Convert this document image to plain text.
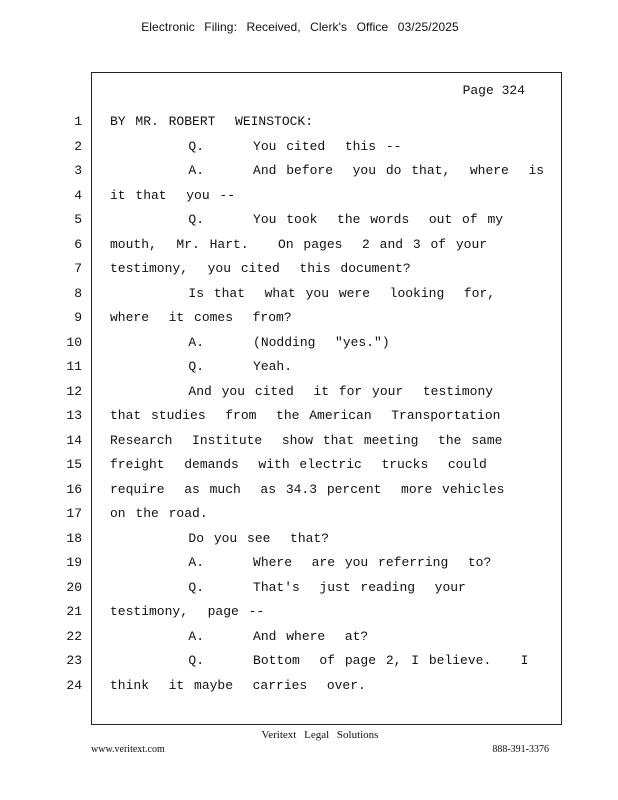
Electronic Filing: Received, Clerk's Office 03/25/2025
Page 324
1 BY MR. ROBERT  WEINSTOCK:
2 Q.     You cited  this --
3 A.     And before  you do that,  where  is
4 it that  you --
5 Q.     You took  the words  out of my
6 mouth,  Mr. Hart.   On pages  2 and 3 of your
7 testimony,  you cited  this document?
8 Is that  what you were  looking  for,
9 where  it comes  from?
10 A.     (Nodding  "yes.")
11 Q.     Yeah.
12 And you cited  it for your  testimony
13 that studies  from  the American  Transportation
14 Research  Institute  show that meeting  the same
15 freight  demands  with electric  trucks  could
16 require  as much  as 34.3 percent  more vehicles
17 on the road.
18 Do you see  that?
19 A.     Where  are you referring  to?
20 Q.     That's  just reading  your
21 testimony,  page --
22 A.     And where  at?
23 Q.     Bottom  of page 2, I believe.   I
24 think  it maybe  carries  over.
Veritext Legal Solutions
www.veritext.com	888-391-3376
